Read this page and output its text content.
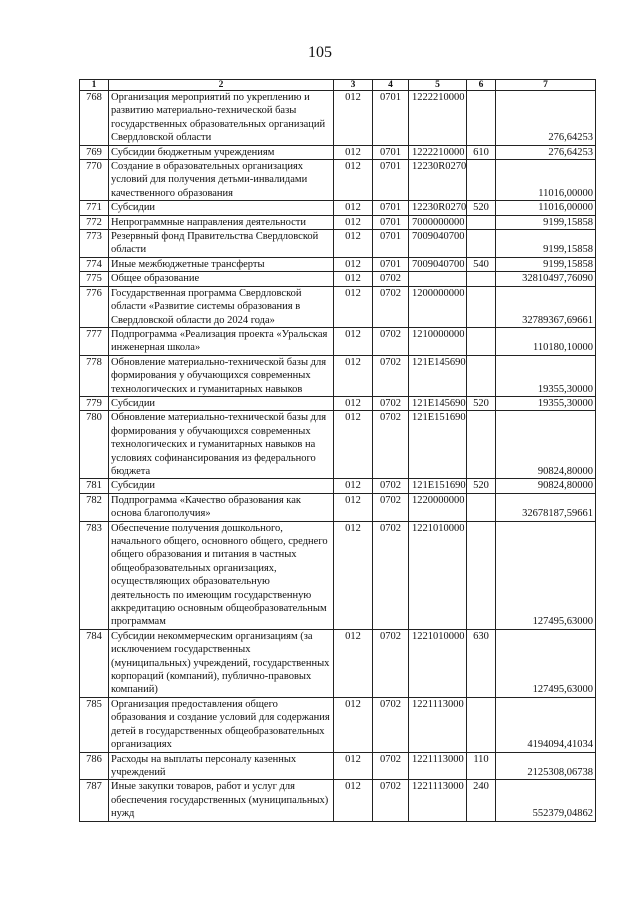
105
1	2	3	4	5	6	7
768	Организация мероприятий по укреплению и развитию материально-технической базы государственных образовательных организаций Свердловской области	012	0701	1222210000		276,64253
769	Субсидии бюджетным учреждениям	012	0701	1222210000	610	276,64253
770	Создание в образовательных организациях условий для получения детьми-инвалидами качественного образования	012	0701	12230R0270		11016,00000
771	Субсидии	012	0701	12230R0270	520	11016,00000
772	Непрограммные направления деятельности	012	0701	7000000000		9199,15858
773	Резервный фонд Правительства Свердловской области	012	0701	7009040700		9199,15858
774	Иные межбюджетные трансферты	012	0701	7009040700	540	9199,15858
775	Общее образование	012	0702			32810497,76090
776	Государственная программа Свердловской области «Развитие системы образования в Свердловской области до 2024 года»	012	0702	1200000000		32789367,69661
777	Подпрограмма «Реализация проекта «Уральская инженерная школа»	012	0702	1210000000		110180,10000
778	Обновление материально-технической базы для формирования у обучающихся современных технологических и гуманитарных навыков	012	0702	121E145690		19355,30000
779	Субсидии	012	0702	121E145690	520	19355,30000
780	Обновление материально-технической базы для формирования у обучающихся современных технологических и гуманитарных навыков на условиях софинансирования из федерального бюджета	012	0702	121E151690		90824,80000
781	Субсидии	012	0702	121E151690	520	90824,80000
782	Подпрограмма «Качество образования как основа благополучия»	012	0702	1220000000		32678187,59661
783	Обеспечение получения дошкольного, начального общего, основного общего, среднего общего образования и питания в частных общеобразовательных организациях, осуществляющих образовательную деятельность по имеющим государственную аккредитацию основным общеобразовательным программам	012	0702	1221010000		127495,63000
784	Субсидии некоммерческим организациям (за исключением государственных (муниципальных) учреждений, государственных корпораций (компаний), публично-правовых компаний)	012	0702	1221010000	630	127495,63000
785	Организация предоставления общего образования и создание условий для содержания детей в государственных общеобразовательных организациях	012	0702	1221113000		4194094,41034
786	Расходы на выплаты персоналу казенных учреждений	012	0702	1221113000	110	2125308,06738
787	Иные закупки товаров, работ и услуг для обеспечения государственных (муниципальных) нужд	012	0702	1221113000	240	552379,04862
